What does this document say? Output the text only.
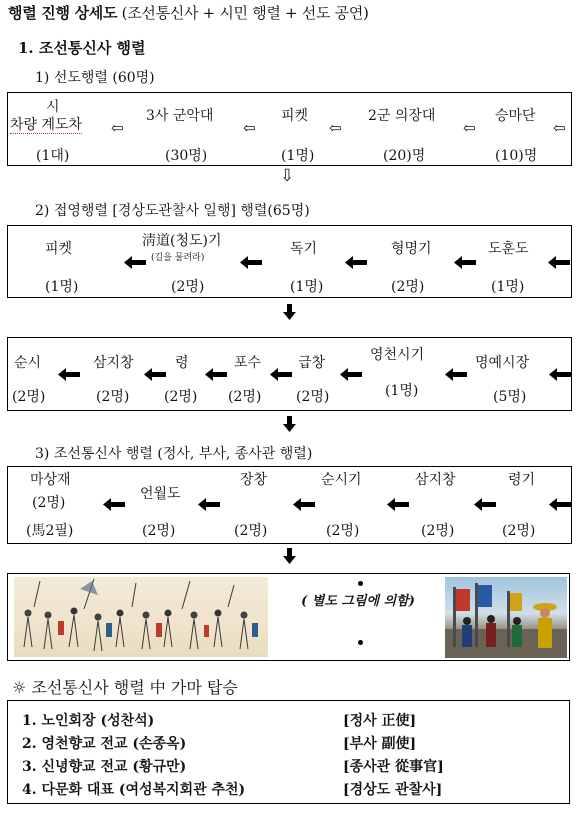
행렬 진행 상세도 (조선통신사 + 시민 행렬 + 선도 공연)
1. 조선통신사 행렬
1) 선도행렬 (60명)
시
차량 계도차
(1대)
⇦
3사 군악대
(30명)
⇦
피켓
(1명)
⇦
2군 의장대
(20)명
⇦
승마단
(10)명
⇦
⇩
2) 접영행렬 [경상도관찰사 일행] 행렬(65명)
피켓
(1명)
淸道(청도)기
(길을 물려라)
(2명)
독기
(1명)
형명기
(2명)
도훈도
(1명)
순시
(2명)
삼지창
(2명)
령
(2명)
포수
(2명)
급창
(2명)
영천시기
(1명)
명예시장
(5명)
3) 조선통신사 행렬 (정사, 부사, 종사관 행렬)
마상재
(2명)
(馬2필)
언월도
(2명)
장창
(2명)
순시기
(2명)
삼지창
(2명)
령기
(2명)
( 별도 그림에 의함)
☼ 조선통신사 행렬 中 가마 탑승
1. 노인회장 (성찬석)	[정사 正使]
2. 영천향교 전교 (손종옥)	[부사 副使]
3. 신녕향교 전교 (황규만)	[종사관 從事官]
4. 다문화 대표 (여성복지회관 추천)	[경상도 관찰사]
